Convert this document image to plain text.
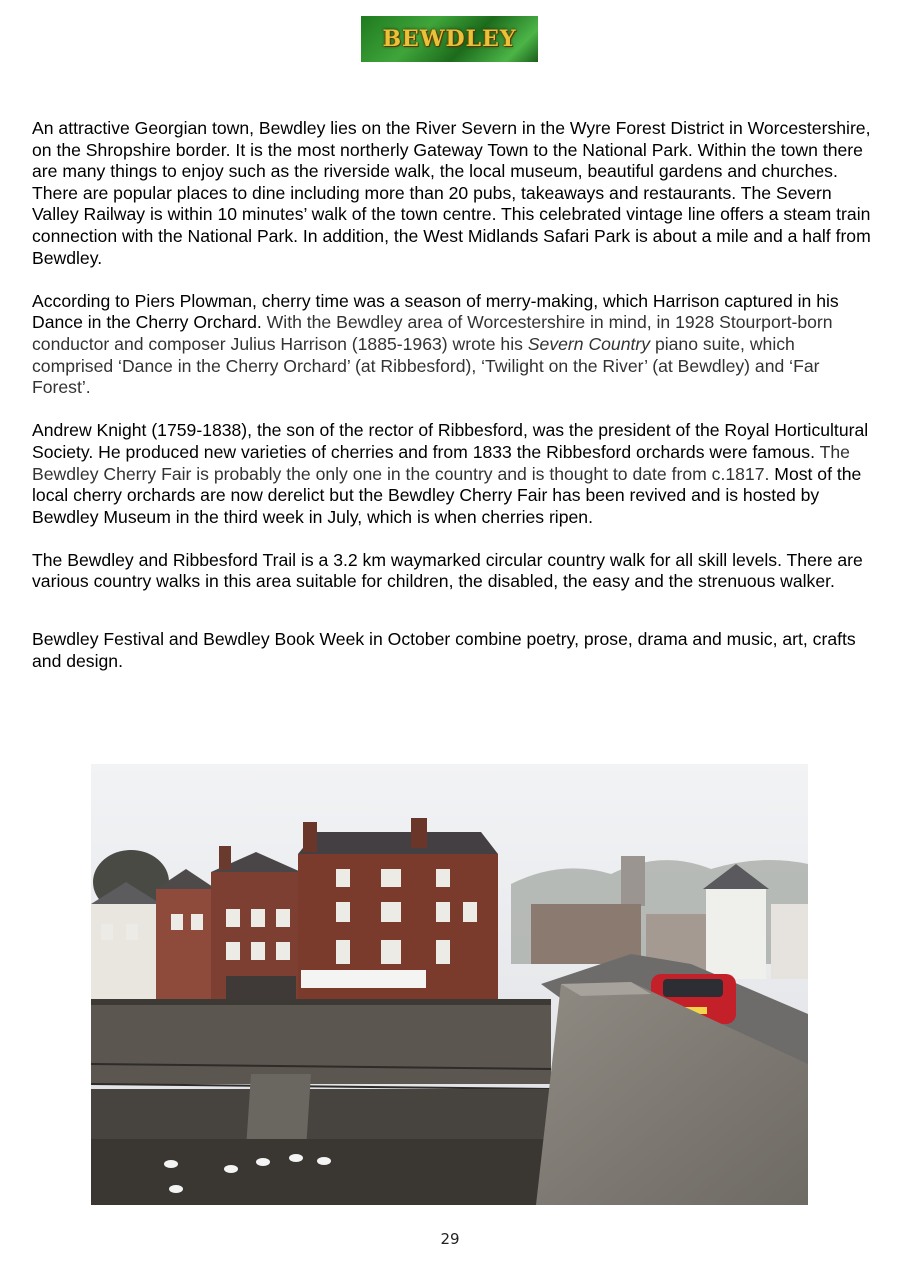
BEWDLEY

An attractive Georgian town, Bewdley lies on the River Severn in the Wyre Forest District in Worcestershire, on the Shropshire border. It is the most northerly Gateway Town to the National Park. Within the town there are many things to enjoy such as the riverside walk, the local museum, beautiful gardens and churches. There are popular places to dine including more than 20 pubs, takeaways and restaurants. The Severn Valley Railway is within 10 minutes’ walk of the town centre. This celebrated vintage line offers a steam train connection with the National Park. In addition, the West Midlands Safari Park is about a mile and a half from Bewdley.

According to Piers Plowman, cherry time was a season of merry-making, which Harrison captured in his Dance in the Cherry Orchard. With the Bewdley area of Worcestershire in mind, in 1928 Stourport-born conductor and composer Julius Harrison (1885-1963) wrote his Severn Country piano suite, which comprised ‘Dance in the Cherry Orchard’ (at Ribbesford), ‘Twilight on the River’ (at Bewdley) and ‘Far Forest’.

Andrew Knight (1759-1838), the son of the rector of Ribbesford, was the president of the Royal Horticultural Society. He produced new varieties of cherries and from 1833 the Ribbesford orchards were famous. The Bewdley Cherry Fair is probably the only one in the country and is thought to date from c.1817. Most of the local cherry orchards are now derelict but the Bewdley Cherry Fair has been revived and is hosted by Bewdley Museum in the third week in July, which is when cherries ripen.

The Bewdley and Ribbesford Trail is a 3.2 km waymarked circular country walk for all skill levels. There are various country walks in this area suitable for children, the disabled, the easy and the strenuous walker.

Bewdley Festival and Bewdley Book Week in October combine poetry, prose, drama and music, art, crafts and design.

29
